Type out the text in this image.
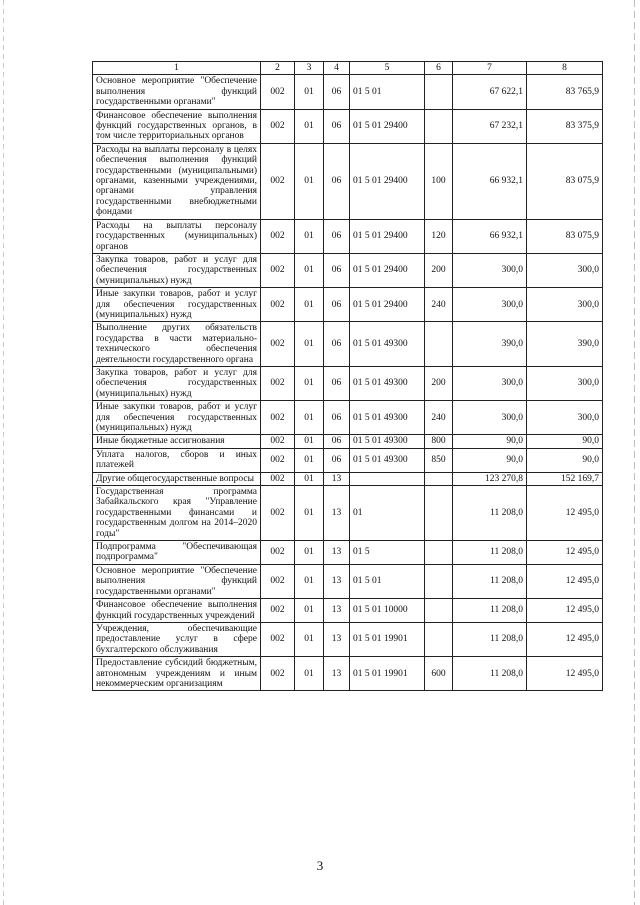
1	2	3	4	5	6	7	8
Основное мероприятие "Обеспечение выполнения функций государственными органами"	002	01	06	01 5 01		67 622,1	83 765,9
Финансовое обеспечение выполнения функций государственных органов, в том числе территориальных органов	002	01	06	01 5 01 29400		67 232,1	83 375,9
Расходы на выплаты персоналу в целях обеспечения выполнения функций государственными (муниципальными) органами, казенными учреждениями, органами управления государственными внебюджетными фондами	002	01	06	01 5 01 29400	100	66 932,1	83 075,9
Расходы на выплаты персоналу государственных (муниципальных) органов	002	01	06	01 5 01 29400	120	66 932,1	83 075,9
Закупка товаров, работ и услуг для обеспечения государственных (муниципальных) нужд	002	01	06	01 5 01 29400	200	300,0	300,0
Иные закупки товаров, работ и услуг для обеспечения государственных (муниципальных) нужд	002	01	06	01 5 01 29400	240	300,0	300,0
Выполнение других обязательств государства в части материально-технического обеспечения деятельности государственного органа	002	01	06	01 5 01 49300		390,0	390,0
Закупка товаров, работ и услуг для обеспечения государственных (муниципальных) нужд	002	01	06	01 5 01 49300	200	300,0	300,0
Иные закупки товаров, работ и услуг для обеспечения государственных (муниципальных) нужд	002	01	06	01 5 01 49300	240	300,0	300,0
Иные бюджетные ассигнования	002	01	06	01 5 01 49300	800	90,0	90,0
Уплата налогов, сборов и иных платежей	002	01	06	01 5 01 49300	850	90,0	90,0
Другие общегосударственные вопросы	002	01	13			123 270,8	152 169,7
Государственная программа Забайкальского края "Управление государственными финансами и государственным долгом на 2014–2020 годы"	002	01	13	01		11 208,0	12 495,0
Подпрограмма "Обеспечивающая подпрограмма"	002	01	13	01 5		11 208,0	12 495,0
Основное мероприятие "Обеспечение выполнения функций государственными органами"	002	01	13	01 5 01		11 208,0	12 495,0
Финансовое обеспечение выполнения функций государственных учреждений	002	01	13	01 5 01 10000		11 208,0	12 495,0
Учреждения, обеспечивающие предоставление услуг в сфере бухгалтерского обслуживания	002	01	13	01 5 01 19901		11 208,0	12 495,0
Предоставление субсидий бюджетным, автономным учреждениям и иным некоммерческим организациям	002	01	13	01 5 01 19901	600	11 208,0	12 495,0
3
